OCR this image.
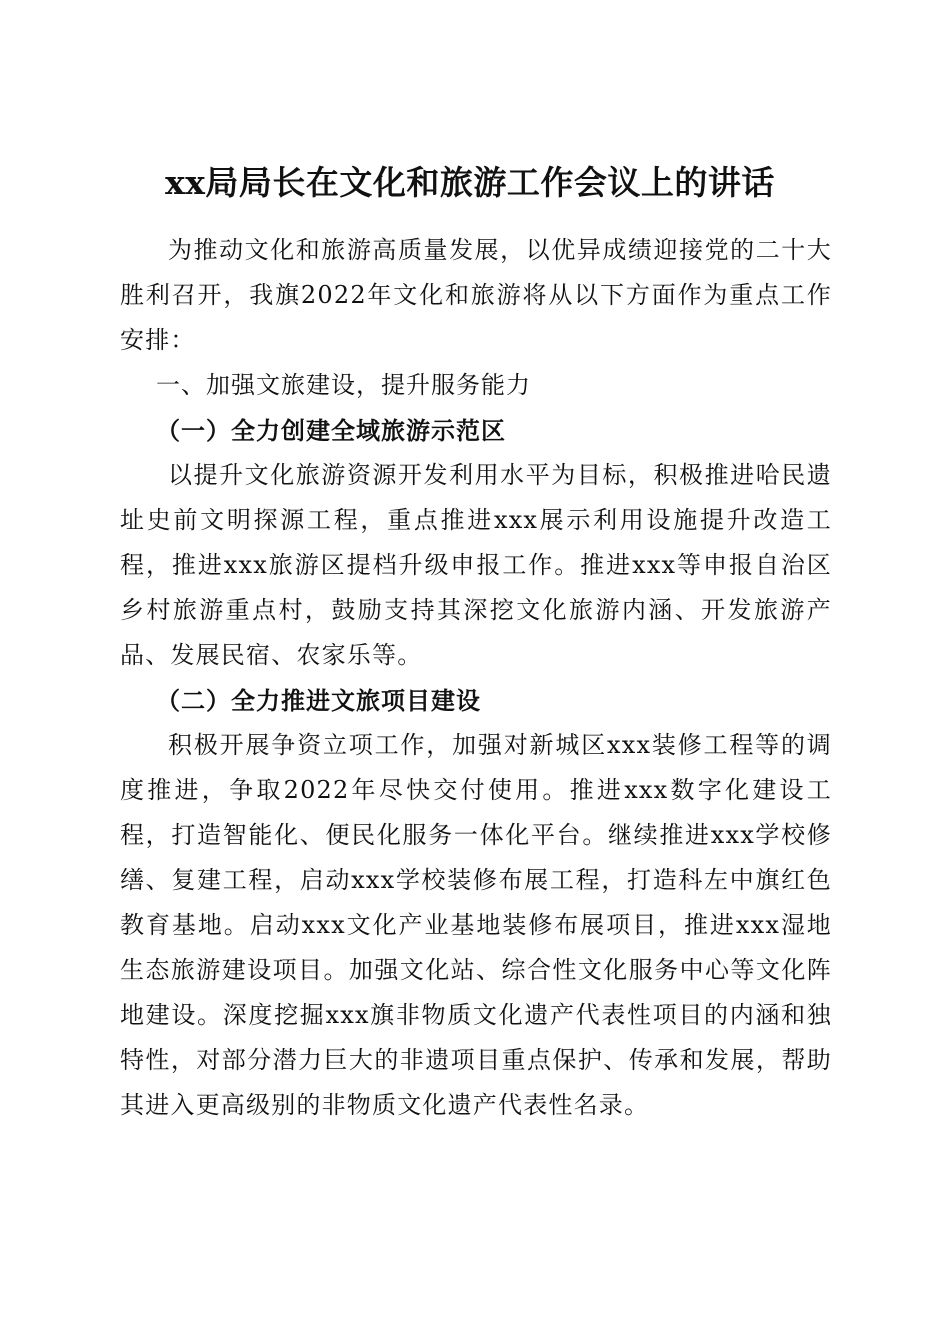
xx局局长在文化和旅游工作会议上的讲话

为推动文化和旅游高质量发展，以优异成绩迎接党的二十大胜利召开，我旗2022年文化和旅游将从以下方面作为重点工作安排：

一、加强文旅建设，提升服务能力

（一）全力创建全域旅游示范区

以提升文化旅游资源开发利用水平为目标，积极推进哈民遗址史前文明探源工程，重点推进xxx展示利用设施提升改造工程，推进xxx旅游区提档升级申报工作。推进xxx等申报自治区乡村旅游重点村，鼓励支持其深挖文化旅游内涵、开发旅游产品、发展民宿、农家乐等。

（二）全力推进文旅项目建设

积极开展争资立项工作，加强对新城区xxx装修工程等的调度推进，争取2022年尽快交付使用。推进xxx数字化建设工程，打造智能化、便民化服务一体化平台。继续推进xxx学校修缮、复建工程，启动xxx学校装修布展工程，打造科左中旗红色教育基地。启动xxx文化产业基地装修布展项目，推进xxx湿地生态旅游建设项目。加强文化站、综合性文化服务中心等文化阵地建设。深度挖掘xxx旗非物质文化遗产代表性项目的内涵和独特性，对部分潜力巨大的非遗项目重点保护、传承和发展，帮助其进入更高级别的非物质文化遗产代表性名录。
